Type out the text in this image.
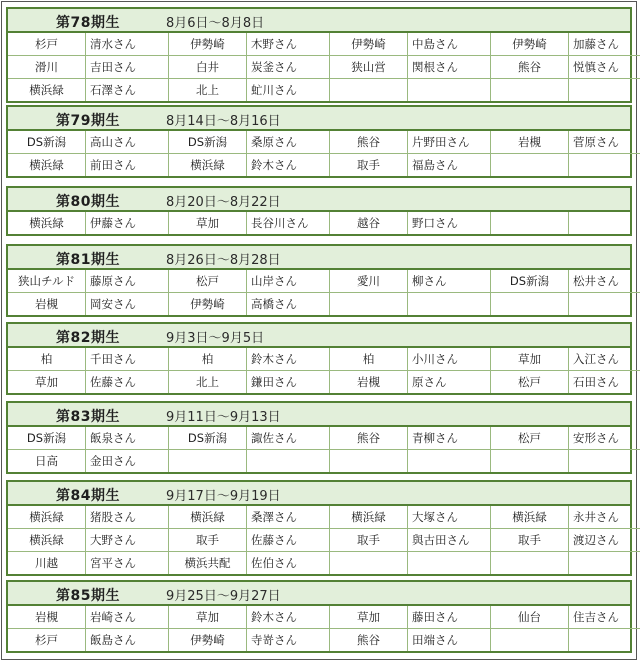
第78期生	8月6日～8月8日
杉戸	清水さん	伊勢崎	木野さん	伊勢崎	中島さん	伊勢崎	加藤さん
滑川	吉田さん	白井	炭釜さん	狭山営	関根さん	熊谷	悦慎さん
横浜緑	石澤さん	北上	虻川さん				
第79期生	8月14日～8月16日
DS新潟	高山さん	DS新潟	桑原さん	熊谷	片野田さん	岩槻	菅原さん
横浜緑	前田さん	横浜緑	鈴木さん	取手	福島さん		
第80期生	8月20日～8月22日
横浜緑	伊藤さん	草加	長谷川さん	越谷	野口さん		
第81期生	8月26日～8月28日
狭山チルド	藤原さん	松戸	山岸さん	愛川	柳さん	DS新潟	松井さん
岩槻	岡安さん	伊勢崎	高橋さん				
第82期生	9月3日～9月5日
柏	千田さん	柏	鈴木さん	柏	小川さん	草加	入江さん
草加	佐藤さん	北上	鎌田さん	岩槻	原さん	松戸	石田さん
第83期生	9月11日～9月13日
DS新潟	飯泉さん	DS新潟	諏佐さん	熊谷	青柳さん	松戸	安形さん
日高	金田さん						
第84期生	9月17日～9月19日
横浜緑	猪股さん	横浜緑	桑澤さん	横浜緑	大塚さん	横浜緑	永井さん
横浜緑	大野さん	取手	佐藤さん	取手	與古田さん	取手	渡辺さん
川越	宮平さん	横浜共配	佐伯さん				
第85期生	9月25日～9月27日
岩槻	岩崎さん	草加	鈴木さん	草加	藤田さん	仙台	住吉さん
杉戸	飯島さん	伊勢崎	寺嵜さん	熊谷	田端さん		
